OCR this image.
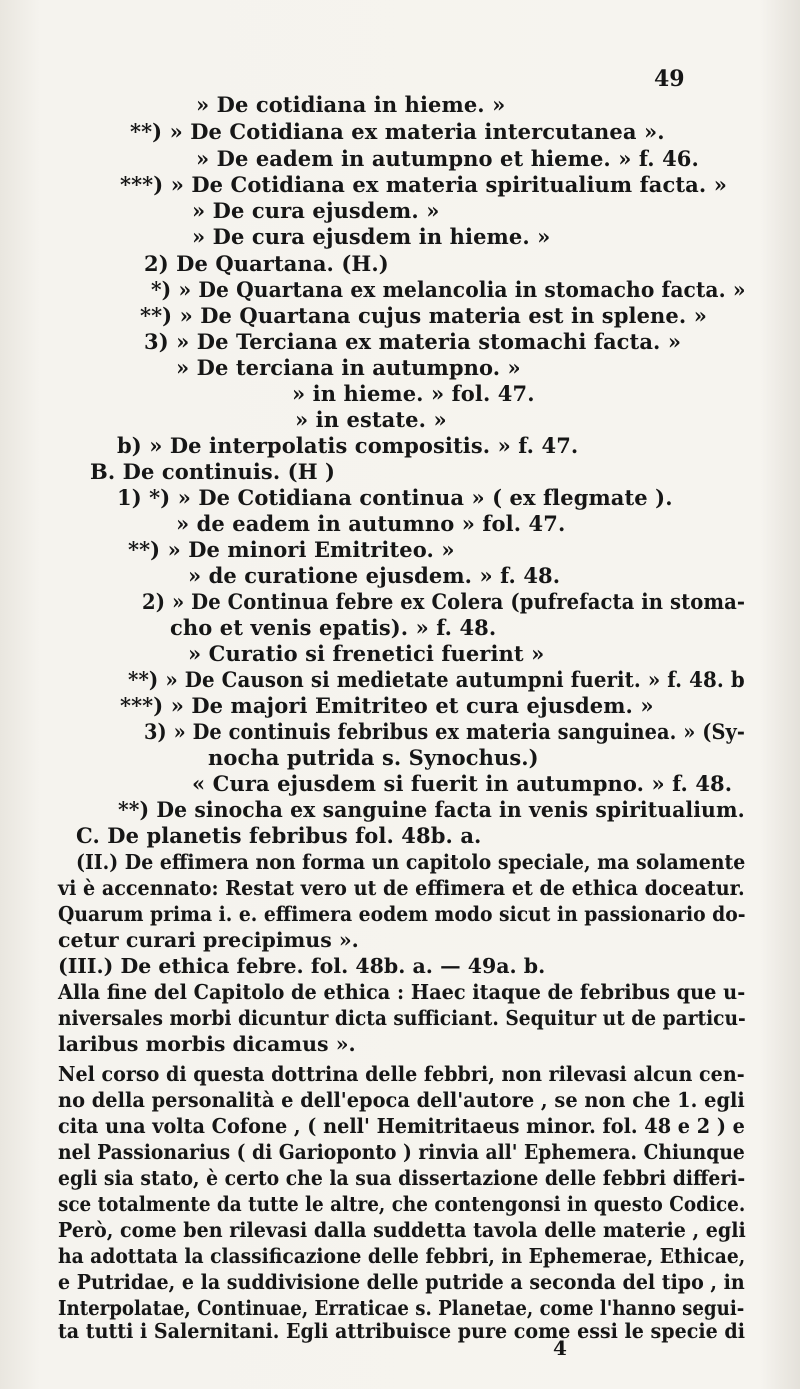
49
» De cotidiana in hieme. »
**) » De Cotidiana ex materia intercutanea ».
» De eadem in autumpno et hieme. » f. 46.
***) » De Cotidiana ex materia spiritualium facta. »
» De cura ejusdem. »
» De cura ejusdem in hieme. »
2) De Quartana. (H.)
*) » De Quartana ex melancolia in stomacho facta. »
**) » De Quartana cujus materia est in splene. »
3) » De Terciana ex materia stomachi facta. »
» De terciana in autumpno. »
» in hieme. » fol. 47.
» in estate. »
b) » De interpolatis compositis. » f. 47.
B. De continuis. (H )
1) *) » De Cotidiana continua » ( ex flegmate ).
» de eadem in autumno » fol. 47.
**) » De minori Emitriteo. »
» de curatione ejusdem. » f. 48.
2) » De Continua febre ex Colera (pufrefacta in stoma-
cho et venis epatis). » f. 48.
» Curatio si frenetici fuerint »
**) » De Causon si medietate autumpni fuerit. » f. 48. b
***) » De majori Emitriteo et cura ejusdem. »
3) » De continuis febribus ex materia sanguinea. » (Sy-
nocha putrida s. Synochus.)
« Cura ejusdem si fuerit in autumpno. » f. 48.
**) De sinocha ex sanguine facta in venis spiritualium.
C. De planetis febribus fol. 48b. a.
(II.) De effimera non forma un capitolo speciale, ma solamente
vi è accennato: Restat vero ut de effimera et de ethica doceatur.
Quarum prima i. e. effimera eodem modo sicut in passionario do-
cetur curari precipimus ».
(III.) De ethica febre. fol. 48b. a. — 49a. b.
Alla fine del Capitolo de ethica : Haec itaque de febribus que u-
niversales morbi dicuntur dicta sufficiant. Sequitur ut de particu-
laribus morbis dicamus ».
Nel corso di questa dottrina delle febbri, non rilevasi alcun cen-
no della personalità e dell'epoca dell'autore , se non che 1. egli
cita una volta Cofone , ( nell' Hemitritaeus minor. fol. 48 e 2 ) e
nel Passionarius ( di Garioponto ) rinvia all' Ephemera. Chiunque
egli sia stato, è certo che la sua dissertazione delle febbri differi-
sce totalmente da tutte le altre, che contengonsi in questo Codice.
Però, come ben rilevasi dalla suddetta tavola delle materie , egli
ha adottata la classificazione delle febbri, in Ephemerae, Ethicae,
e Putridae, e la suddivisione delle putride a seconda del tipo , in
Interpolatae, Continuae, Erraticae s. Planetae, come l'hanno segui-
ta tutti i Salernitani. Egli attribuisce pure come essi le specie di
4
